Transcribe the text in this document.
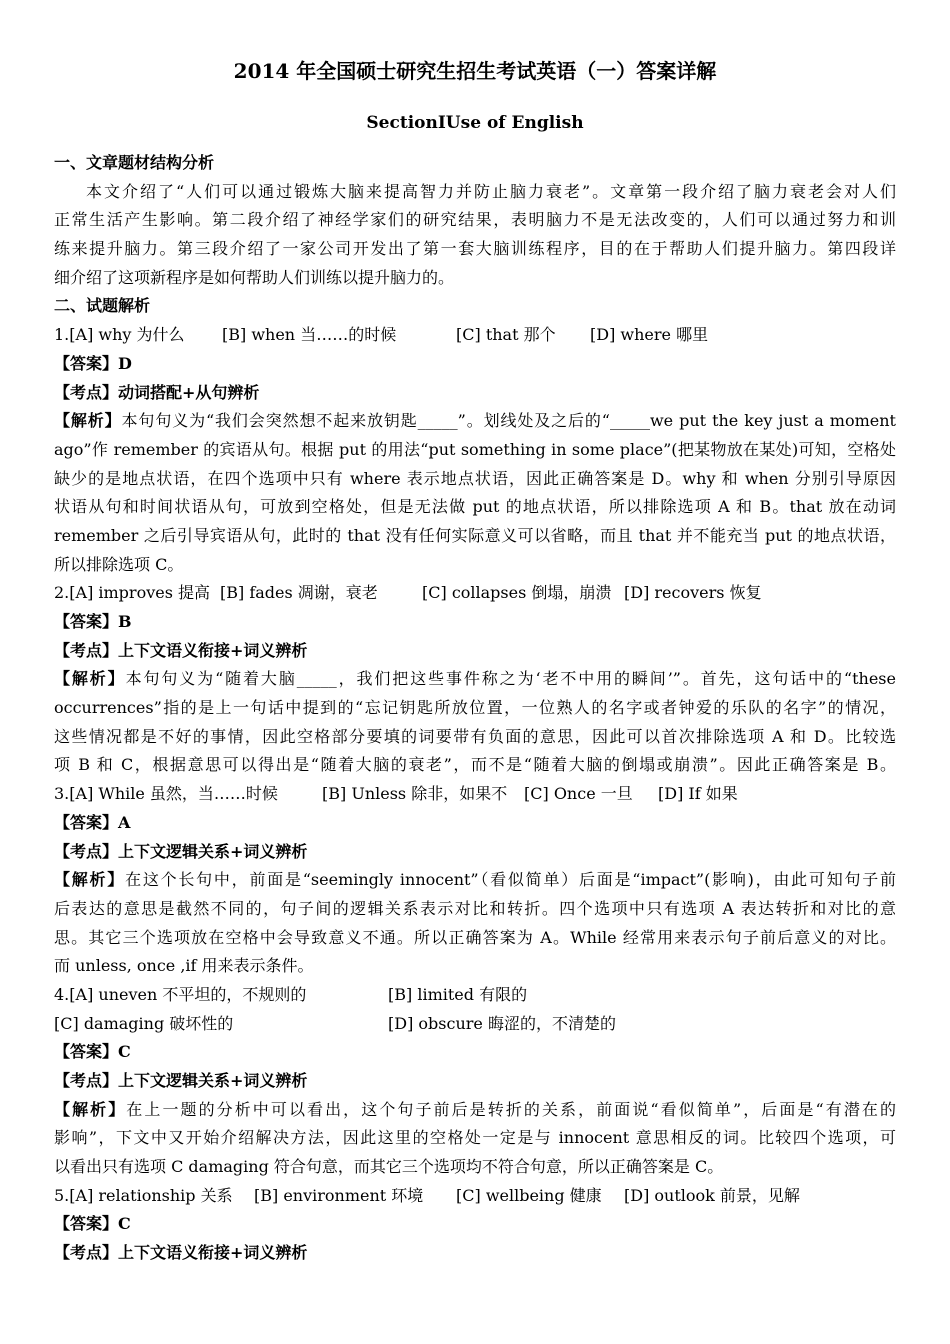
2014 年全国硕士研究生招生考试英语（一）答案详解
SectionⅠUse of English
一、文章题材结构分析
本文介绍了“人们可以通过锻炼大脑来提高智力并防止脑力衰老”。文章第一段介绍了脑力衰老会对人们
正常生活产生影响。第二段介绍了神经学家们的研究结果，表明脑力不是无法改变的，人们可以通过努力和训
练来提升脑力。第三段介绍了一家公司开发出了第一套大脑训练程序，目的在于帮助人们提升脑力。第四段详
细介绍了这项新程序是如何帮助人们训练以提升脑力的。
二、试题解析
1.[A] why 为什么 [B] when 当……的时候	[C] that 那个 [D] where 哪里
【答案】D
【考点】动词搭配+从句辨析
【解析】本句句义为“我们会突然想不起来放钥匙_____”。划线处及之后的“_____we put the key just a moment
ago”作 remember 的宾语从句。根据 put 的用法“put something in some place”(把某物放在某处)可知，空格处
缺少的是地点状语，在四个选项中只有 where 表示地点状语，因此正确答案是 D。why 和 when 分别引导原因
状语从句和时间状语从句，可放到空格处，但是无法做 put 的地点状语，所以排除选项 A 和 B。that 放在动词
remember 之后引导宾语从句，此时的 that 没有任何实际意义可以省略，而且 that 并不能充当 put 的地点状语，
所以排除选项 C。
2.[A] improves 提高 [B] fades 凋谢，衰老	[C] collapses 倒塌，崩溃 [D] recovers 恢复
【答案】B
【考点】上下文语义衔接+词义辨析
【解析】本句句义为“随着大脑_____，我们把这些事件称之为‘老不中用的瞬间’”。首先，这句话中的“these
occurrences”指的是上一句话中提到的“忘记钥匙所放位置，一位熟人的名字或者钟爱的乐队的名字”的情况，
这些情况都是不好的事情，因此空格部分要填的词要带有负面的意思，因此可以首次排除选项 A 和 D。比较选
项 B 和 C，根据意思可以得出是“随着大脑的衰老”，而不是“随着大脑的倒塌或崩溃”。因此正确答案是 B。
3.[A] While 虽然，当……时候	[B] Unless 除非，如果不 [C] Once 一旦 [D] If 如果
【答案】A
【考点】上下文逻辑关系+词义辨析
【解析】在这个长句中，前面是“seemingly innocent”（看似简单）后面是“impact”(影响)，由此可知句子前
后表达的意思是截然不同的，句子间的逻辑关系表示对比和转折。四个选项中只有选项 A 表达转折和对比的意
思。其它三个选项放在空格中会导致意义不通。所以正确答案为 A。While 经常用来表示句子前后意义的对比。
而 unless, once ,if 用来表示条件。
4.[A] uneven 不平坦的，不规则的	[B] limited 有限的
[C] damaging 破坏性的	[D] obscure 晦涩的，不清楚的
【答案】C
【考点】上下文逻辑关系+词义辨析
【解析】在上一题的分析中可以看出，这个句子前后是转折的关系，前面说“看似简单”，后面是“有潜在的
影响”，下文中又开始介绍解决方法，因此这里的空格处一定是与 innocent 意思相反的词。比较四个选项，可
以看出只有选项 C damaging 符合句意，而其它三个选项均不符合句意，所以正确答案是 C。
5.[A] relationship 关系 [B] environment 环境 [C] wellbeing 健康 [D] outlook 前景，见解
【答案】C
【考点】上下文语义衔接+词义辨析
